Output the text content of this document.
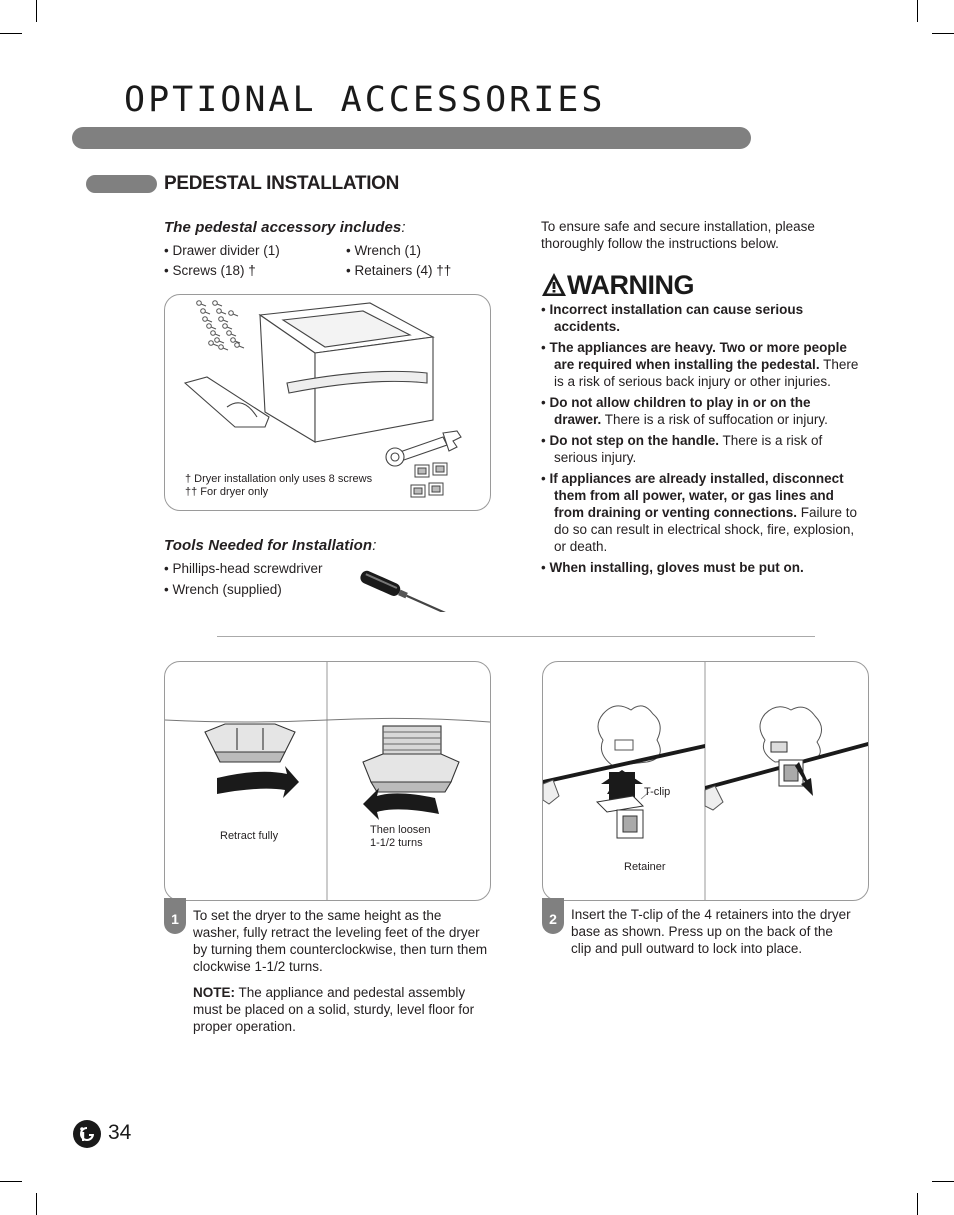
OPTIONAL ACCESSORIES
PEDESTAL INSTALLATION
The pedestal accessory includes:
• Drawer divider (1)
• Screws (18) †
• Wrench (1)
• Retainers (4) ††
† Dryer installation only uses 8 screws
†† For dryer only
Tools Needed for Installation:
• Phillips-head screwdriver
• Wrench (supplied)
To ensure safe and secure installation, please thoroughly follow the instructions below.
WARNING

• Incorrect installation can cause serious accidents.

• The appliances are heavy. Two or more people are required when installing the pedestal. There is a risk of serious back injury or other injuries.

• Do not allow children to play in or on the drawer. There is a risk of suffocation or injury.

• Do not step on the handle. There is a risk of serious injury.

• If appliances are already installed, disconnect them from all power, water, or gas lines and from draining or venting connections. Failure to do so can result in electrical shock, fire, explosion, or death.

• When installing, gloves must be put on.

Retract fully	Then loosen
1-1/2 turns
1	To set the dryer to the same height as the washer, fully retract the leveling feet of the dryer by turning them counterclockwise, then turn them clockwise 1-1/2 turns.
NOTE: The appliance and pedestal assembly must be placed on a solid, sturdy, level floor for proper operation.
T-clip
Retainer
2	Insert the T-clip of the 4 retainers into the dryer base as shown. Press up on the back of the clip and pull outward to lock into place.
34
